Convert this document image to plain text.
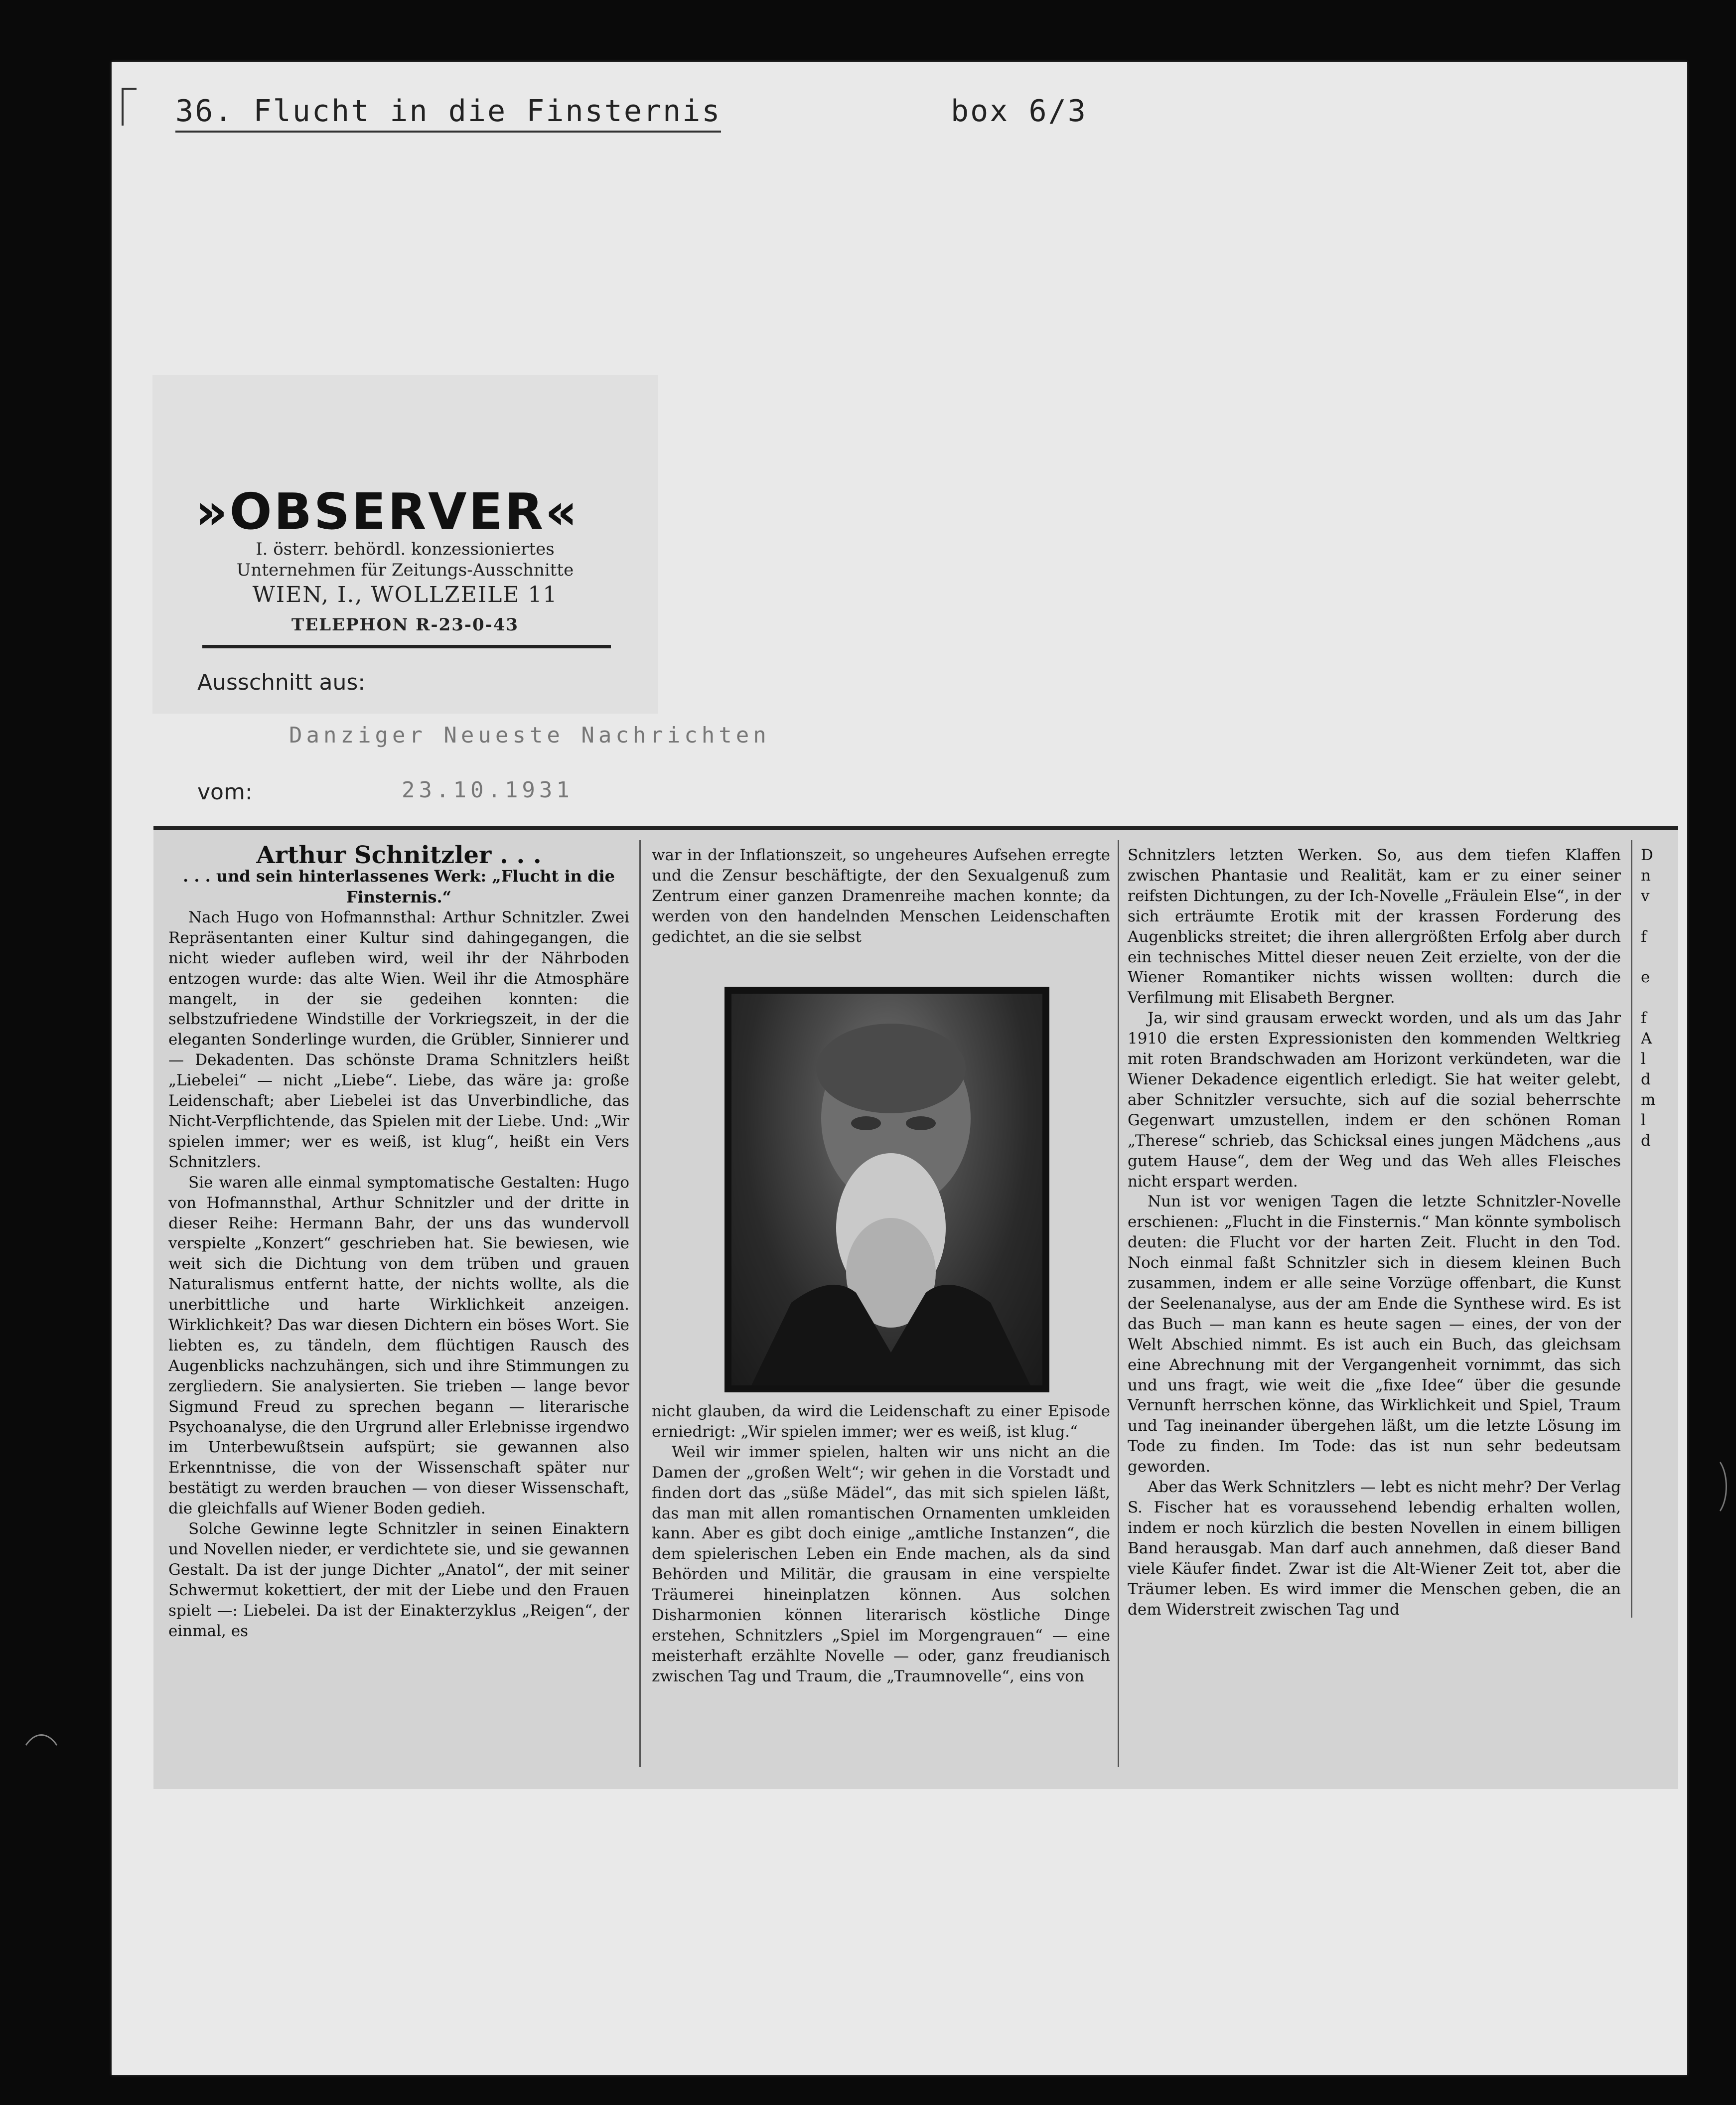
36. Flucht in die Finsternis	box 6/3
»OBSERVER«
I. österr. behördl. konzessioniertes
Unternehmen für Zeitungs-Ausschnitte
WIEN, I., WOLLZEILE 11
TELEPHON R-23-0-43
Ausschnitt aus:
Danziger Neueste Nachrichten
vom:	23.10.1931

Arthur Schnitzler . . .

. . . und sein hinterlassenes Werk: „Flucht in die Finsternis.“

Nach Hugo von Hofmannsthal: Arthur Schnitzler. Zwei Repräsentanten einer Kultur sind dahingegangen, die nicht wieder aufleben wird, weil ihr der Nährboden entzogen wurde: das alte Wien. Weil ihr die Atmosphäre mangelt, in der sie gedeihen konnten: die selbstzufriedene Windstille der Vorkriegszeit, in der die eleganten Sonderlinge wurden, die Grübler, Sinnierer und — Dekadenten. Das schönste Drama Schnitzlers heißt „Liebelei“ — nicht „Liebe“. Liebe, das wäre ja: große Leidenschaft; aber Liebelei ist das Unverbindliche, das Nicht-Verpflichtende, das Spielen mit der Liebe. Und: „Wir spielen immer; wer es weiß, ist klug“, heißt ein Vers Schnitzlers.

Sie waren alle einmal symptomatische Gestalten: Hugo von Hofmannsthal, Arthur Schnitzler und der dritte in dieser Reihe: Hermann Bahr, der uns das wundervoll verspielte „Konzert“ geschrieben hat. Sie bewiesen, wie weit sich die Dichtung von dem trüben und grauen Naturalismus entfernt hatte, der nichts wollte, als die unerbittliche und harte Wirklichkeit anzeigen. Wirklichkeit? Das war diesen Dichtern ein böses Wort. Sie liebten es, zu tändeln, dem flüchtigen Rausch des Augenblicks nachzuhängen, sich und ihre Stimmungen zu zergliedern. Sie analysierten. Sie trieben — lange bevor Sigmund Freud zu sprechen begann — literarische Psychoanalyse, die den Urgrund aller Erlebnisse irgendwo im Unterbewußtsein aufspürt; sie gewannen also Erkenntnisse, die von der Wissenschaft später nur bestätigt zu werden brauchen — von dieser Wissenschaft, die gleichfalls auf Wiener Boden gedieh.

Solche Gewinne legte Schnitzler in seinen Einaktern und Novellen nieder, er verdichtete sie, und sie gewannen Gestalt. Da ist der junge Dichter „Anatol“, der mit seiner Schwermut kokettiert, der mit der Liebe und den Frauen spielt —: Liebelei. Da ist der Einakterzyklus „Reigen“, der einmal, es

war in der Inflationszeit, so ungeheures Aufsehen erregte und die Zensur beschäftigte, der den Sexualgenuß zum Zentrum einer ganzen Dramenreihe machen konnte; da werden von den handelnden Menschen Leidenschaften gedichtet, an die sie selbst

nicht glauben, da wird die Leidenschaft zu einer Episode erniedrigt: „Wir spielen immer; wer es weiß, ist klug.“

Weil wir immer spielen, halten wir uns nicht an die Damen der „großen Welt“; wir gehen in die Vorstadt und finden dort das „süße Mädel“, das mit sich spielen läßt, das man mit allen romantischen Ornamenten umkleiden kann. Aber es gibt doch einige „amtliche Instanzen“, die dem spielerischen Leben ein Ende machen, als da sind Behörden und Militär, die grausam in eine verspielte Träumerei hineinplatzen können. Aus solchen Disharmonien können literarisch köstliche Dinge erstehen, Schnitzlers „Spiel im Morgengrauen“ — eine meisterhaft erzählte Novelle — oder, ganz freudianisch zwischen Tag und Traum, die „Traumnovelle“, eins von

Schnitzlers letzten Werken. So, aus dem tiefen Klaffen zwischen Phantasie und Realität, kam er zu einer seiner reifsten Dichtungen, zu der Ich-Novelle „Fräulein Else“, in der sich erträumte Erotik mit der krassen Forderung des Augenblicks streitet; die ihren allergrößten Erfolg aber durch ein technisches Mittel dieser neuen Zeit erzielte, von der die Wiener Romantiker nichts wissen wollten: durch die Verfilmung mit Elisabeth Bergner.

Ja, wir sind grausam erweckt worden, und als um das Jahr 1910 die ersten Expressionisten den kommenden Weltkrieg mit roten Brandschwaden am Horizont verkündeten, war die Wiener Dekadence eigentlich erledigt. Sie hat weiter gelebt, aber Schnitzler versuchte, sich auf die sozial beherrschte Gegenwart umzustellen, indem er den schönen Roman „Therese“ schrieb, das Schicksal eines jungen Mädchens „aus gutem Hause“, dem der Weg und das Weh alles Fleisches nicht erspart werden.

Nun ist vor wenigen Tagen die letzte Schnitzler-Novelle erschienen: „Flucht in die Finsternis.“ Man könnte symbolisch deuten: die Flucht vor der harten Zeit. Flucht in den Tod. Noch einmal faßt Schnitzler sich in diesem kleinen Buch zusammen, indem er alle seine Vorzüge offenbart, die Kunst der Seelenanalyse, aus der am Ende die Synthese wird. Es ist das Buch — man kann es heute sagen — eines, der von der Welt Abschied nimmt. Es ist auch ein Buch, das gleichsam eine Abrechnung mit der Vergangenheit vornimmt, das sich und uns fragt, wie weit die „fixe Idee“ über die gesunde Vernunft herrschen könne, das Wirklichkeit und Spiel, Traum und Tag ineinander übergehen läßt, um die letzte Lösung im Tode zu finden. Im Tode: das ist nun sehr bedeutsam geworden.

Aber das Werk Schnitzlers — lebt es nicht mehr? Der Verlag S. Fischer hat es voraussehend lebendig erhalten wollen, indem er noch kürzlich die besten Novellen in einem billigen Band herausgab. Man darf auch annehmen, daß dieser Band viele Käufer findet. Zwar ist die Alt-Wiener Zeit tot, aber die Träumer leben. Es wird immer die Menschen geben, die an dem Widerstreit zwischen Tag und

D
n
v

f

e

f
A
l
d
m
l
d
